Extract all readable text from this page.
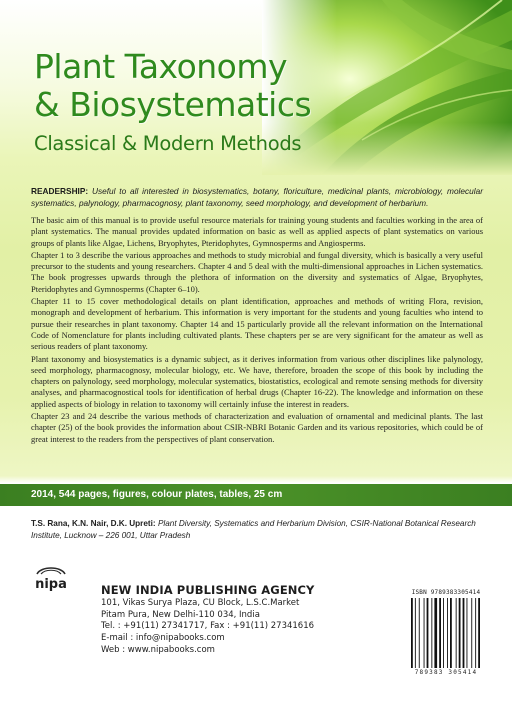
Plant Taxonomy
& Biosystematics
Classical & Modern Methods
READERSHIP: Useful to all interested in biosystematics, botany, floriculture, medicinal plants, microbiology, molecular systematics, palynology, pharmacognosy, plant taxonomy, seed morphology, and development of herbarium.

The basic aim of this manual is to provide useful resource materials for training young students and faculties working in the area of plant systematics. The manual provides updated information on basic as well as applied aspects of plant systematics on various groups of plants like Algae, Lichens, Bryophytes, Pteridophytes, Gymnosperms and Angiosperms.

Chapter 1 to 3 describe the various approaches and methods to study microbial and fungal diversity, which is basically a very useful precursor to the students and young researchers. Chapter 4 and 5 deal with the multi-dimensional approaches in Lichen systematics. The book progresses upwards through the plethora of information on the diversity and systematics of Algae, Bryophytes, Pteridophytes and Gymnosperms (Chapter 6–10).

Chapter 11 to 15 cover methodological details on plant identification, approaches and methods of writing Flora, revision, monograph and development of herbarium. This information is very important for the students and young faculties who intend to pursue their researches in plant taxonomy. Chapter 14 and 15 particularly provide all the relevant information on the International Code of Nomenclature for plants including cultivated plants. These chapters per se are very significant for the amateur as well as serious readers of plant taxonomy.

Plant taxonomy and biosystematics is a dynamic subject, as it derives information from various other disciplines like palynology, seed morphology, pharmacognosy, molecular biology, etc. We have, therefore, broaden the scope of this book by including the chapters on palynology, seed morphology, molecular systematics, biostatistics, ecological and remote sensing methods for diversity analyses, and pharmacognostical tools for identification of herbal drugs (Chapter 16-22). The knowledge and information on these applied aspects of biology in relation to taxonomy will certainly infuse the interest in readers.

Chapter 23 and 24 describe the various methods of characterization and evaluation of ornamental and medicinal plants. The last chapter (25) of the book provides the information about CSIR-NBRI Botanic Garden and its various repositories, which could be of great interest to the readers from the perspectives of plant conservation.

2014, 544 pages, figures, colour plates, tables, 25 cm
T.S. Rana, K.N. Nair, D.K. Upreti: Plant Diversity, Systematics and Herbarium Division, CSIR-National Botanical Research Institute, Lucknow – 226 001, Uttar Pradesh
nipa	NEW INDIA PUBLISHING AGENCY
101, Vikas Surya Plaza, CU Block, L.S.C.Market
Pitam Pura, New Delhi-110 034, India
Tel. : +91(11) 27341717, Fax : +91(11) 27341616
E-mail : info@nipabooks.com
Web : www.nipabooks.com
ISBN 9789383305414
789383 305414
